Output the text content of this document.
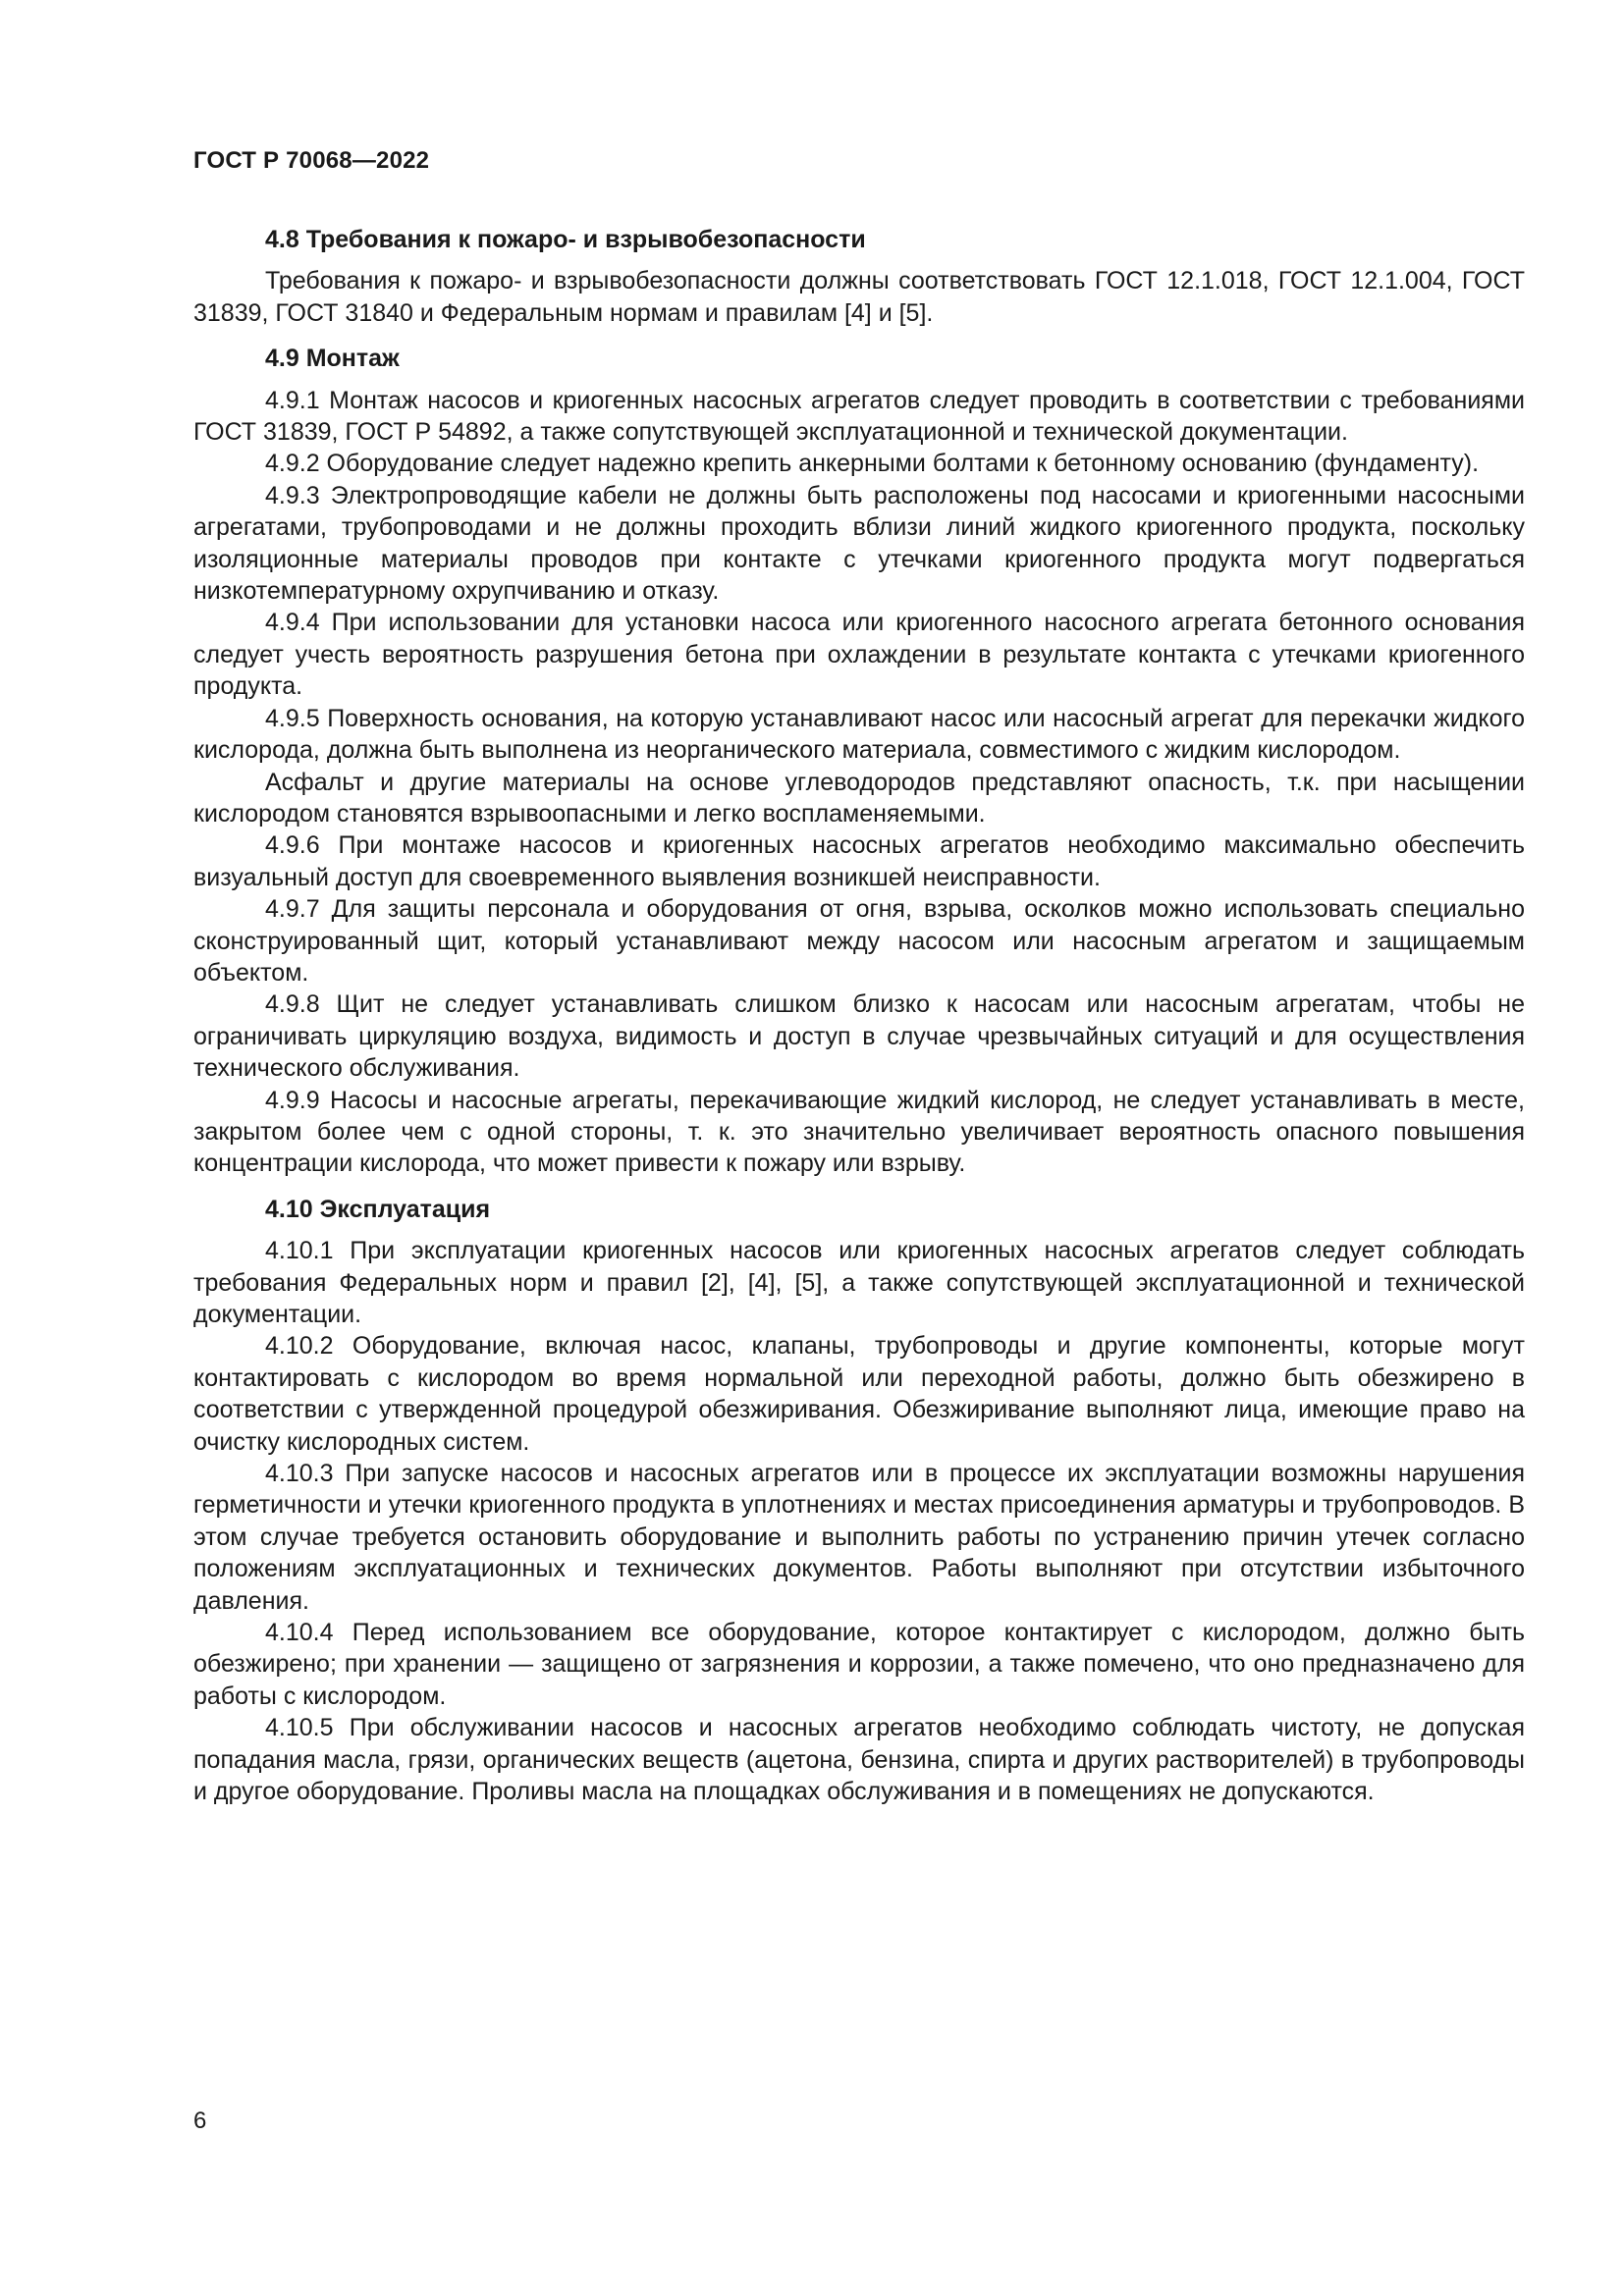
ГОСТ Р 70068—2022

4.8 Требования к пожаро- и взрывобезопасности

Требования к пожаро- и взрывобезопасности должны соответствовать ГОСТ 12.1.018, ГОСТ 12.1.004, ГОСТ 31839, ГОСТ 31840 и Федеральным нормам и правилам [4] и [5].

4.9 Монтаж

4.9.1 Монтаж насосов и криогенных насосных агрегатов следует проводить в соответствии с требованиями ГОСТ 31839, ГОСТ Р 54892, а также сопутствующей эксплуатационной и технической документации.

4.9.2 Оборудование следует надежно крепить анкерными болтами к бетонному основанию (фундаменту).

4.9.3 Электропроводящие кабели не должны быть расположены под насосами и криогенными насосными агрегатами, трубопроводами и не должны проходить вблизи линий жидкого криогенного продукта, поскольку изоляционные материалы проводов при контакте с утечками криогенного продукта могут подвергаться низкотемпературному охрупчиванию и отказу.

4.9.4 При использовании для установки насоса или криогенного насосного агрегата бетонного основания следует учесть вероятность разрушения бетона при охлаждении в результате контакта с утечками криогенного продукта.

4.9.5 Поверхность основания, на которую устанавливают насос или насосный агрегат для перекачки жидкого кислорода, должна быть выполнена из неорганического материала, совместимого с жидким кислородом.

Асфальт и другие материалы на основе углеводородов представляют опасность, т.к. при насыщении кислородом становятся взрывоопасными и легко воспламеняемыми.

4.9.6 При монтаже насосов и криогенных насосных агрегатов необходимо максимально обеспечить визуальный доступ для своевременного выявления возникшей неисправности.

4.9.7 Для защиты персонала и оборудования от огня, взрыва, осколков можно использовать специально сконструированный щит, который устанавливают между насосом или насосным агрегатом и защищаемым объектом.

4.9.8 Щит не следует устанавливать слишком близко к насосам или насосным агрегатам, чтобы не ограничивать циркуляцию воздуха, видимость и доступ в случае чрезвычайных ситуаций и для осуществления технического обслуживания.

4.9.9 Насосы и насосные агрегаты, перекачивающие жидкий кислород, не следует устанавливать в месте, закрытом более чем с одной стороны, т. к. это значительно увеличивает вероятность опасного повышения концентрации кислорода, что может привести к пожару или взрыву.

4.10 Эксплуатация

4.10.1 При эксплуатации криогенных насосов или криогенных насосных агрегатов следует соблюдать требования Федеральных норм и правил [2], [4], [5], а также сопутствующей эксплуатационной и технической документации.

4.10.2 Оборудование, включая насос, клапаны, трубопроводы и другие компоненты, которые могут контактировать с кислородом во время нормальной или переходной работы, должно быть обезжирено в соответствии с утвержденной процедурой обезжиривания. Обезжиривание выполняют лица, имеющие право на очистку кислородных систем.

4.10.3 При запуске насосов и насосных агрегатов или в процессе их эксплуатации возможны нарушения герметичности и утечки криогенного продукта в уплотнениях и местах присоединения арматуры и трубопроводов. В этом случае требуется остановить оборудование и выполнить работы по устранению причин утечек согласно положениям эксплуатационных и технических документов. Работы выполняют при отсутствии избыточного давления.

4.10.4 Перед использованием все оборудование, которое контактирует с кислородом, должно быть обезжирено; при хранении — защищено от загрязнения и коррозии, а также помечено, что оно предназначено для работы с кислородом.

4.10.5 При обслуживании насосов и насосных агрегатов необходимо соблюдать чистоту, не допуская попадания масла, грязи, органических веществ (ацетона, бензина, спирта и других растворителей) в трубопроводы и другое оборудование. Проливы масла на площадках обслуживания и в помещениях не допускаются.

6
